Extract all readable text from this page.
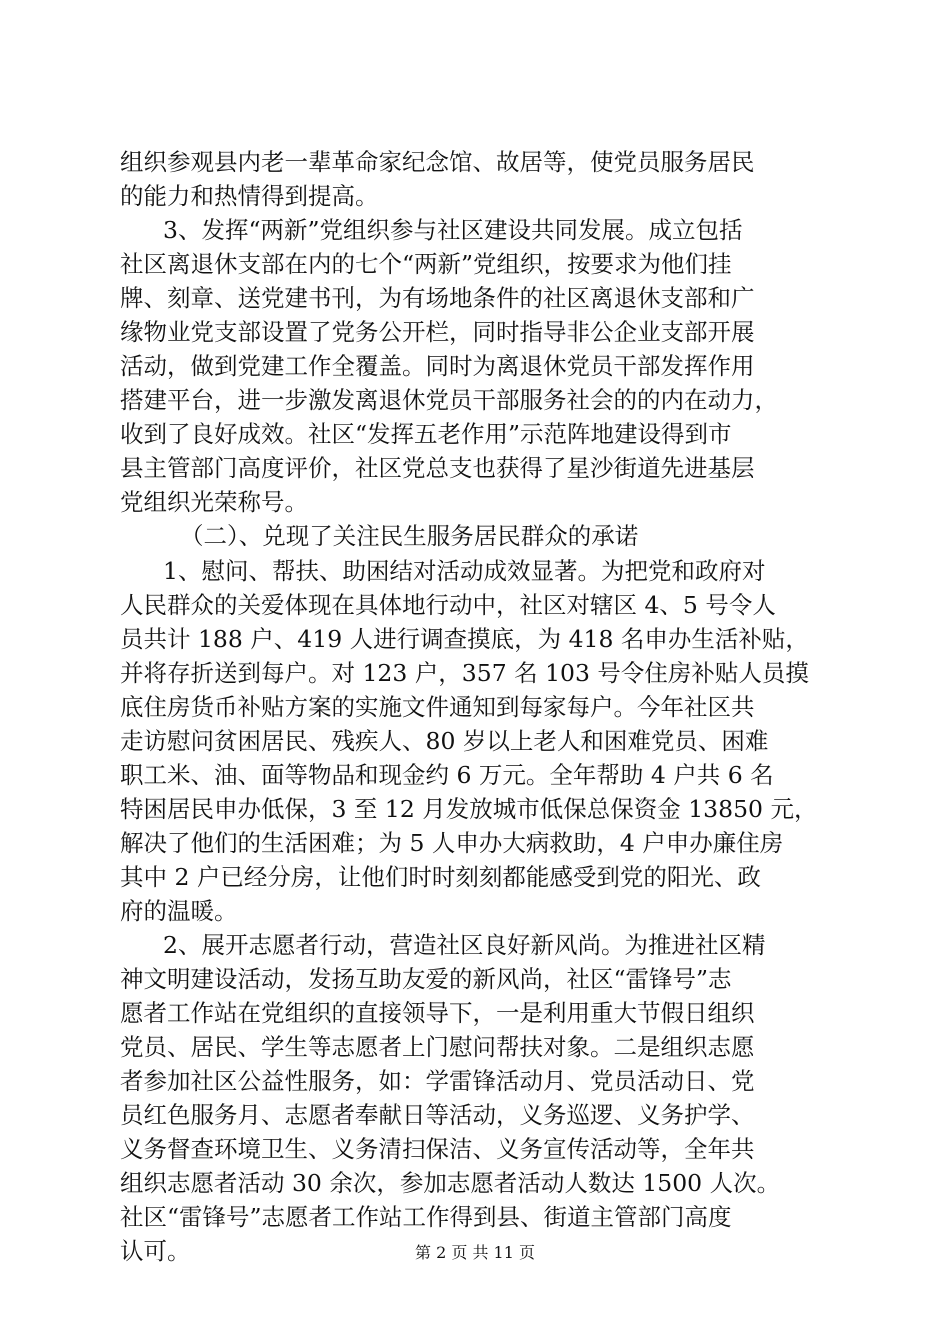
组织参观县内老一辈革命家纪念馆、故居等，使党员服务居民
的能力和热情得到提高。
3、发挥“两新”党组织参与社区建设共同发展。成立包括
社区离退休支部在内的七个“两新”党组织，按要求为他们挂
牌、刻章、送党建书刊，为有场地条件的社区离退休支部和广
缘物业党支部设置了党务公开栏，同时指导非公企业支部开展
活动，做到党建工作全覆盖。同时为离退休党员干部发挥作用
搭建平台，进一步激发离退休党员干部服务社会的的内在动力，
收到了良好成效。社区“发挥五老作用”示范阵地建设得到市
县主管部门高度评价，社区党总支也获得了星沙街道先进基层
党组织光荣称号。
（二）、兑现了关注民生服务居民群众的承诺
1、慰问、帮扶、助困结对活动成效显著。为把党和政府对
人民群众的关爱体现在具体地行动中，社区对辖区 4、5 号令人
员共计 188 户、419 人进行调查摸底，为 418 名申办生活补贴，
并将存折送到每户。对 123 户，357 名 103 号令住房补贴人员摸
底住房货币补贴方案的实施文件通知到每家每户。今年社区共
走访慰问贫困居民、残疾人、80 岁以上老人和困难党员、困难
职工米、油、面等物品和现金约 6 万元。全年帮助 4 户共 6 名
特困居民申办低保，3 至 12 月发放城市低保总保资金 13850 元，
解决了他们的生活困难；为 5 人申办大病救助，4 户申办廉住房
其中 2 户已经分房，让他们时时刻刻都能感受到党的阳光、政
府的温暖。
2、展开志愿者行动，营造社区良好新风尚。为推进社区精
神文明建设活动，发扬互助友爱的新风尚，社区“雷锋号”志
愿者工作站在党组织的直接领导下，一是利用重大节假日组织
党员、居民、学生等志愿者上门慰问帮扶对象。二是组织志愿
者参加社区公益性服务，如：学雷锋活动月、党员活动日、党
员红色服务月、志愿者奉献日等活动，义务巡逻、义务护学、
义务督查环境卫生、义务清扫保洁、义务宣传活动等，全年共
组织志愿者活动 30 余次，参加志愿者活动人数达 1500 人次。
社区“雷锋号”志愿者工作站工作得到县、街道主管部门高度
认可。	第 2 页 共 11 页
